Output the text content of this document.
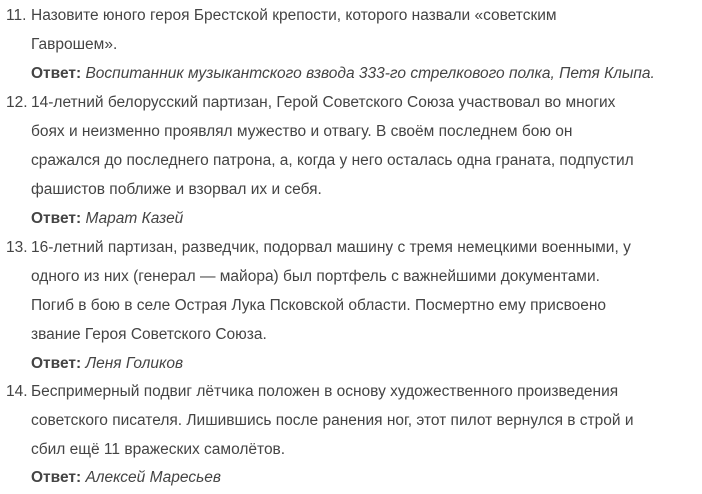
11. Назовите юного героя Брестской крепости, которого назвали «советским
Гаврошем».
Ответ: Воспитанник музыкантского взвода 333-го стрелкового полка, Петя Клыпа.
12. 14-летний белорусский партизан, Герой Советского Союза участвовал во многих
боях и неизменно проявлял мужество и отвагу. В своём последнем бою он
сражался до последнего патрона, а, когда у него осталась одна граната, подпустил
фашистов поближе и взорвал их и себя.
Ответ: Марат Казей
13. 16-летний партизан, разведчик, подорвал машину с тремя немецкими военными, у
одного из них (генерал — майора) был портфель с важнейшими документами.
Погиб в бою в селе Острая Лука Псковской области. Посмертно ему присвоено
звание Героя Советского Союза.
Ответ: Леня Голиков
14. Беспримерный подвиг лётчика положен в основу художественного произведения
советского писателя. Лишившись после ранения ног, этот пилот вернулся в строй и
сбил ещё 11 вражеских самолётов.
Ответ: Алексей Маресьев
